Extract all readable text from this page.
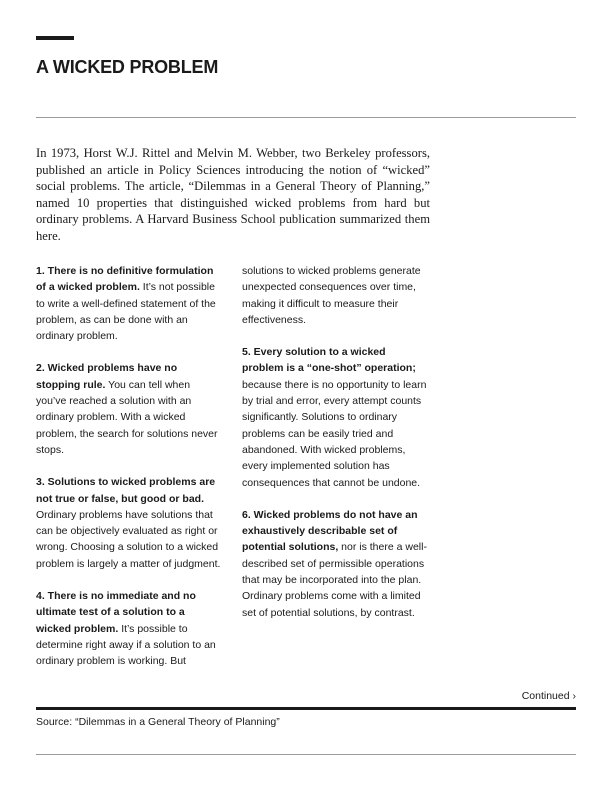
A WICKED PROBLEM

In 1973, Horst W.J. Rittel and Melvin M. Webber, two Berkeley professors, published an article in Policy Sciences introducing the notion of “wicked” social problems. The article, “Dilemmas in a General Theory of Planning,” named 10 properties that distinguished wicked problems from hard but ordinary problems. A Harvard Business School publication summarized them here.

1. There is no definitive formulation of a wicked problem. It’s not possible to write a well-defined statement of the problem, as can be done with an ordinary problem.

2. Wicked problems have no stopping rule. You can tell when you’ve reached a solution with an ordinary problem. With a wicked problem, the search for solutions never stops.

3. Solutions to wicked problems are not true or false, but good or bad. Ordinary problems have solutions that can be objectively evaluated as right or wrong. Choosing a solution to a wicked problem is largely a matter of judgment.

4. There is no immediate and no ultimate test of a solution to a wicked problem. It’s possible to determine right away if a solution to an ordinary problem is working. But solutions to wicked problems generate unexpected consequences over time, making it difficult to measure their effectiveness.

5. Every solution to a wicked problem is a “one-shot” operation; because there is no opportunity to learn by trial and error, every attempt counts significantly. Solutions to ordinary problems can be easily tried and abandoned. With wicked problems, every implemented solution has consequences that cannot be undone.

6. Wicked problems do not have an exhaustively describable set of potential solutions, nor is there a well-described set of permissible operations that may be incorporated into the plan. Ordinary problems come with a limited set of potential solutions, by contrast.

Continued ›
Source: “Dilemmas in a General Theory of Planning”
